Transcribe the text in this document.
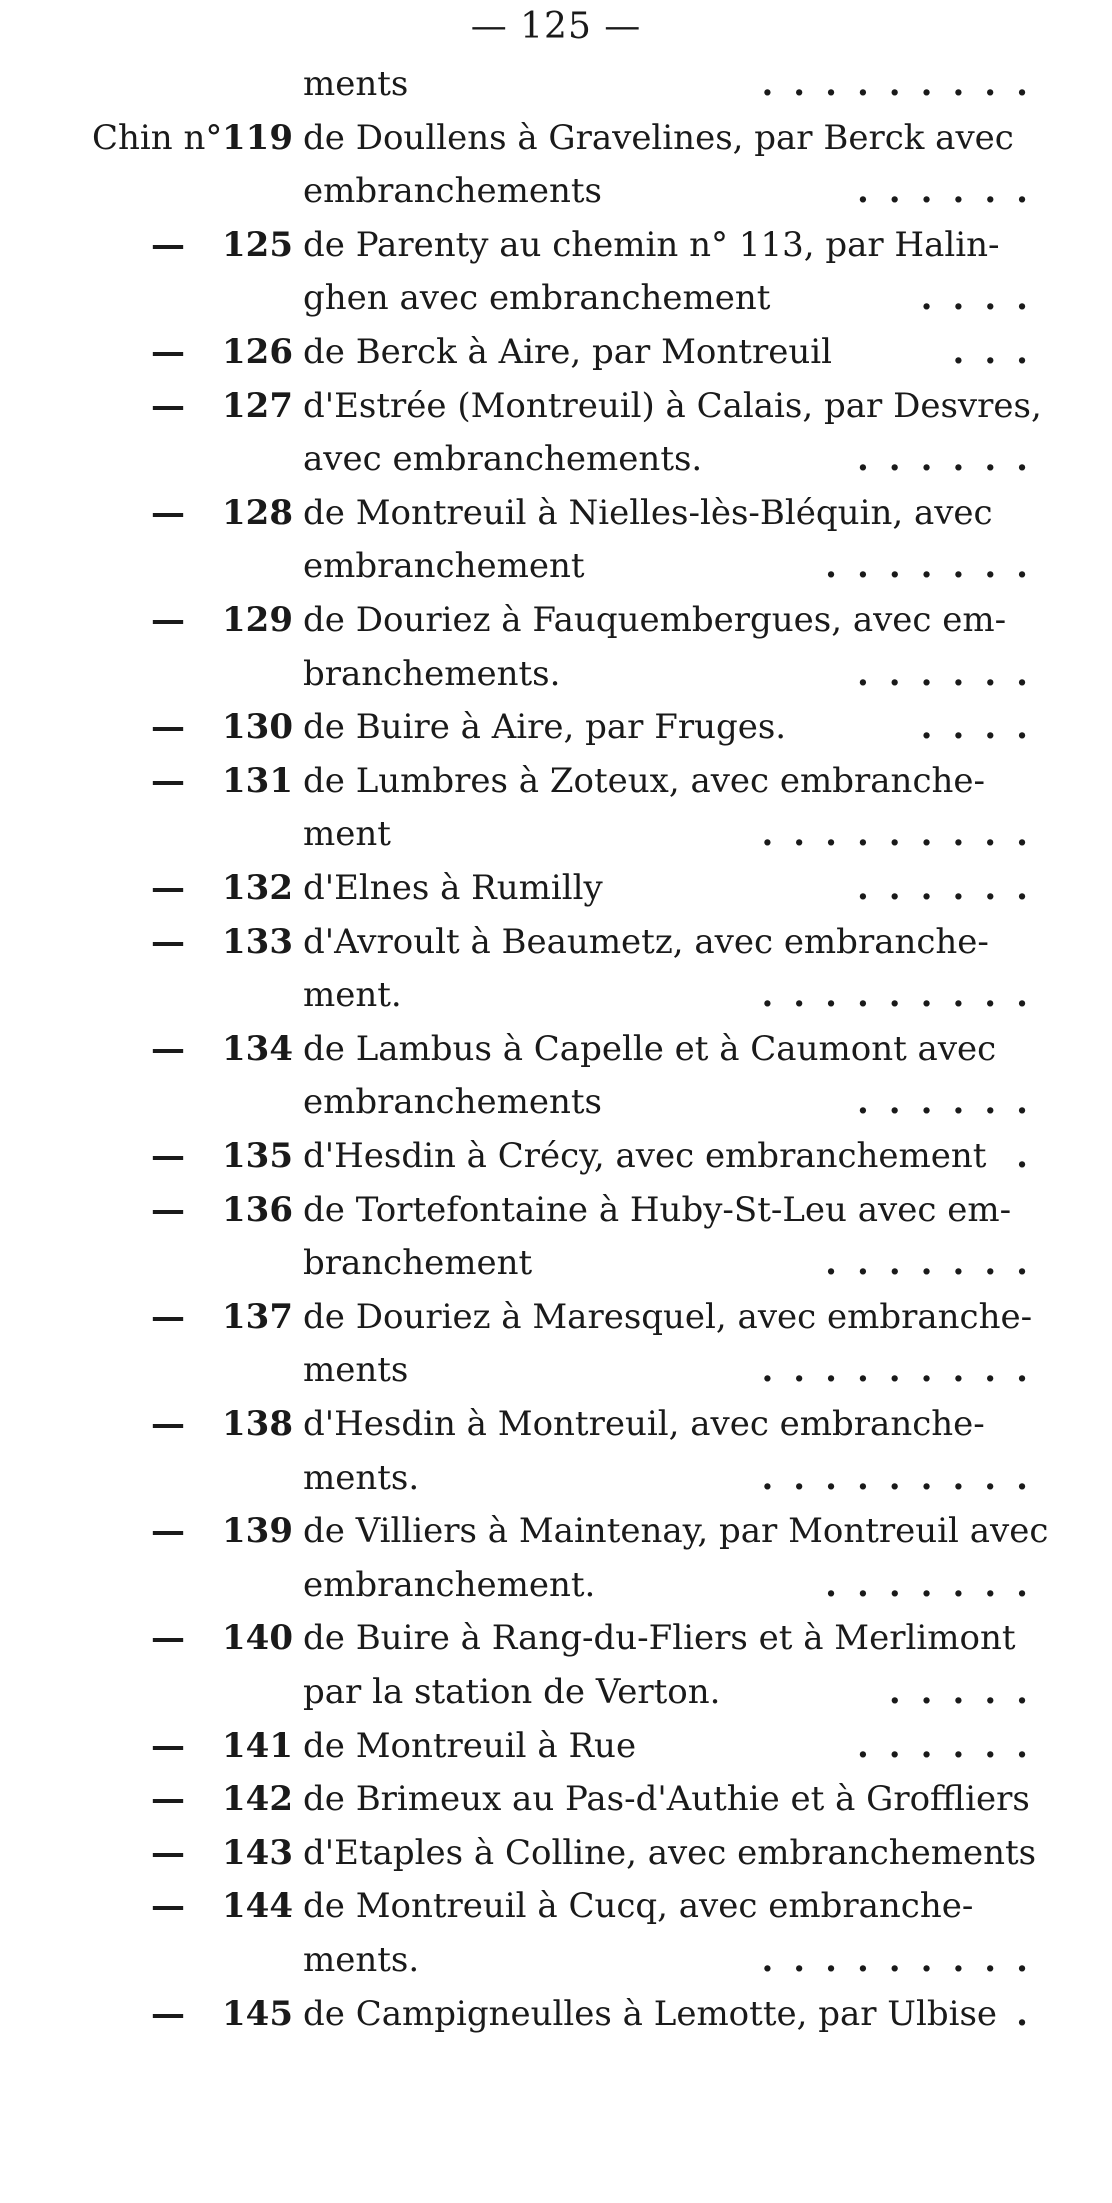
— 125 —
ments	.........
Chin n° 119 de Doullens à Gravelines, par Berck avec
embranchements	......
— 125 de Parenty au chemin n° 113, par Halin-
ghen avec embranchement	....
— 126 de Berck à Aire, par Montreuil	...
— 127 d'Estrée (Montreuil) à Calais, par Desvres,
avec embranchements.	......
— 128 de Montreuil à Nielles-lès-Bléquin, avec
embranchement	.......
— 129 de Douriez à Fauquembergues, avec em-
branchements.	......
— 130 de Buire à Aire, par Fruges.	....
— 131 de Lumbres à Zoteux, avec embranche-
ment	.........
— 132 d'Elnes à Rumilly	......
— 133 d'Avroult à Beaumetz, avec embranche-
ment.	.........
— 134 de Lambus à Capelle et à Caumont avec
embranchements	......
— 135 d'Hesdin à Crécy, avec embranchement .
— 136 de Tortefontaine à Huby-St-Leu avec em-
branchement	.......
— 137 de Douriez à Maresquel, avec embranche-
ments	.........
— 138 d'Hesdin à Montreuil, avec embranche-
ments.	.........
— 139 de Villiers à Maintenay, par Montreuil avec
embranchement.	.......
— 140 de Buire à Rang-du-Fliers et à Merlimont
par la station de Verton.	.....
— 141 de Montreuil à Rue	......
— 142 de Brimeux au Pas-d'Authie et à Groffliers
— 143 d'Etaples à Colline, avec embranchements
— 144 de Montreuil à Cucq, avec embranche-
ments.	.........
— 145 de Campigneulles à Lemotte, par Ulbise .
